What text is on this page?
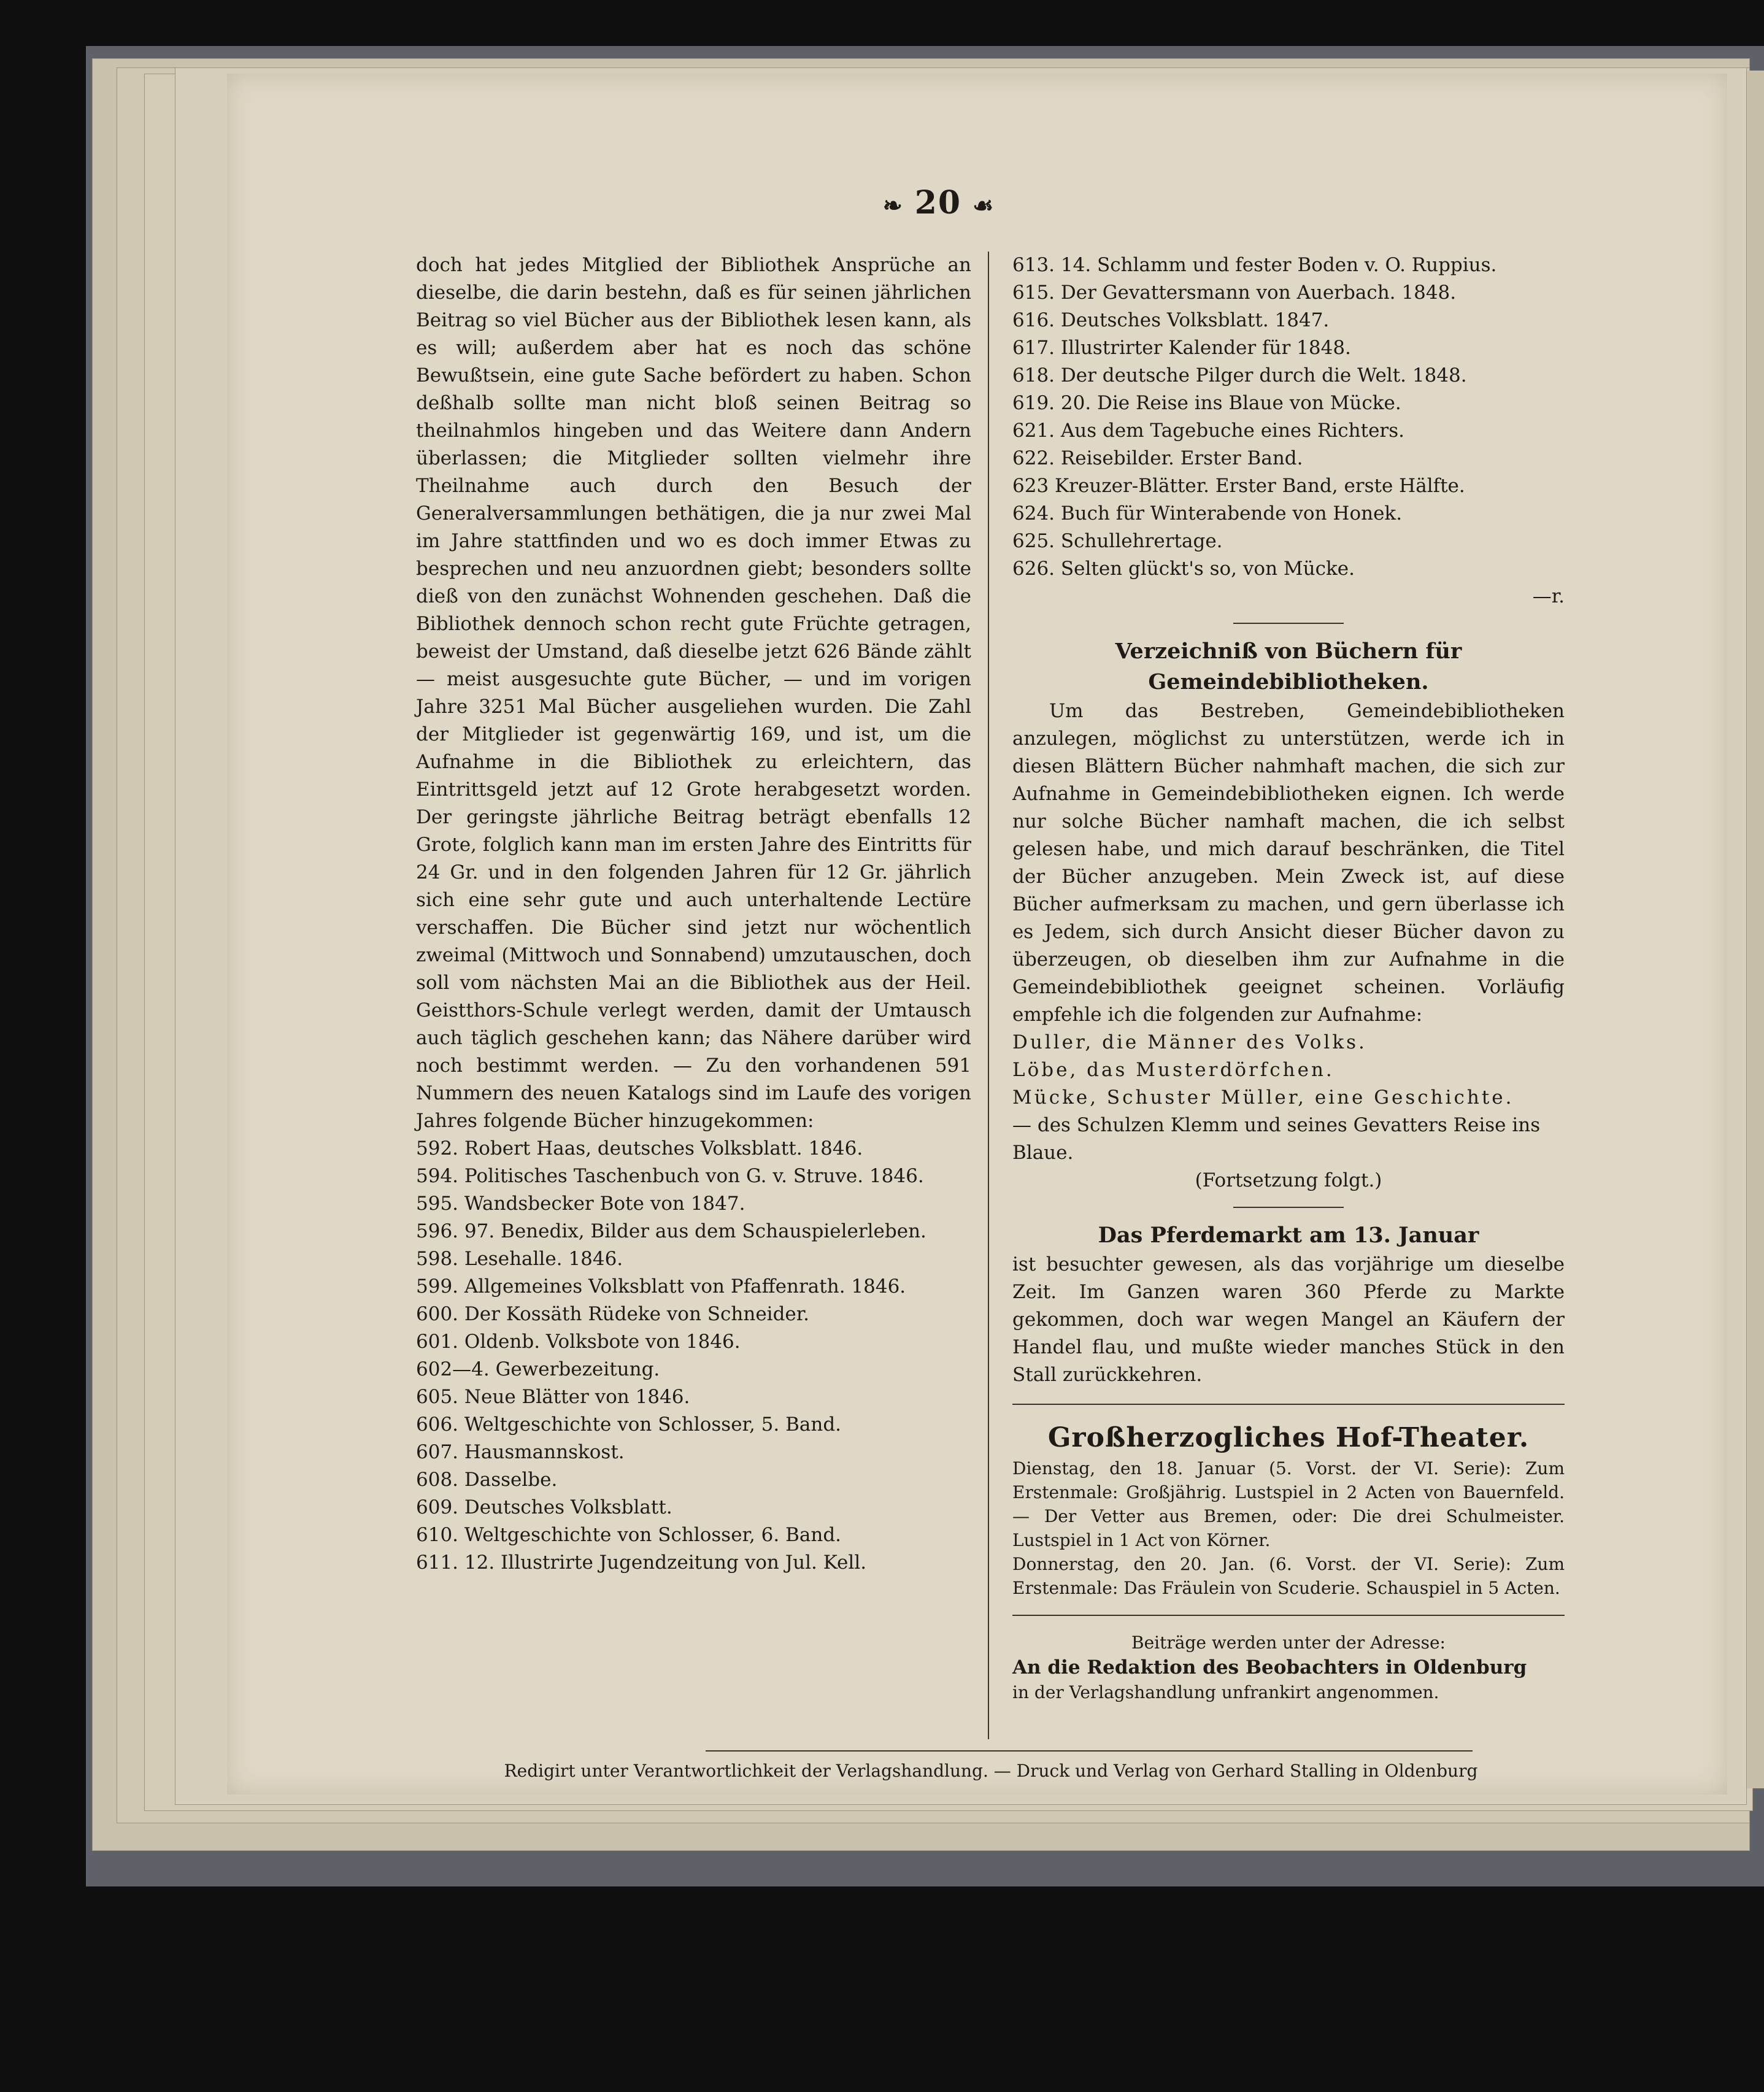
❧ 20 ☙

doch hat jedes Mitglied der Bibliothek Ansprüche an dieselbe, die darin bestehn, daß es für seinen jährlichen Beitrag so viel Bücher aus der Bibliothek lesen kann, als es will; außerdem aber hat es noch das schöne Bewußtsein, eine gute Sache befördert zu haben. Schon deßhalb sollte man nicht bloß seinen Beitrag so theilnahmlos hingeben und das Weitere dann Andern überlassen; die Mitglieder sollten vielmehr ihre Theilnahme auch durch den Besuch der Generalversammlungen bethätigen, die ja nur zwei Mal im Jahre stattfinden und wo es doch immer Etwas zu besprechen und neu anzuordnen giebt; besonders sollte dieß von den zunächst Wohnenden geschehen. Daß die Bibliothek dennoch schon recht gute Früchte getragen, beweist der Umstand, daß dieselbe jetzt 626 Bände zählt — meist ausgesuchte gute Bücher, — und im vorigen Jahre 3251 Mal Bücher ausgeliehen wurden. Die Zahl der Mitglieder ist gegenwärtig 169, und ist, um die Aufnahme in die Bibliothek zu erleichtern, das Eintrittsgeld jetzt auf 12 Grote herabgesetzt worden. Der geringste jährliche Beitrag beträgt ebenfalls 12 Grote, folglich kann man im ersten Jahre des Eintritts für 24 Gr. und in den folgenden Jahren für 12 Gr. jährlich sich eine sehr gute und auch unterhaltende Lectüre verschaffen. Die Bücher sind jetzt nur wöchentlich zweimal (Mittwoch und Sonnabend) umzutauschen, doch soll vom nächsten Mai an die Bibliothek aus der Heil. Geistthors-Schule verlegt werden, damit der Umtausch auch täglich geschehen kann; das Nähere darüber wird noch bestimmt werden. — Zu den vorhandenen 591 Nummern des neuen Katalogs sind im Laufe des vorigen Jahres folgende Bücher hinzugekommen:

592. Robert Haas, deutsches Volksblatt. 1846.
594. Politisches Taschenbuch von G. v. Struve. 1846.
595. Wandsbecker Bote von 1847.
596. 97. Benedix, Bilder aus dem Schauspielerleben.
598. Lesehalle. 1846.
599. Allgemeines Volksblatt von Pfaffenrath. 1846.
600. Der Kossäth Rüdeke von Schneider.
601. Oldenb. Volksbote von 1846.
602—4. Gewerbezeitung.
605. Neue Blätter von 1846.
606. Weltgeschichte von Schlosser, 5. Band.
607. Hausmannskost.
608. Dasselbe.
609. Deutsches Volksblatt.
610. Weltgeschichte von Schlosser, 6. Band.
611. 12. Illustrirte Jugendzeitung von Jul. Kell.
613. 14. Schlamm und fester Boden v. O. Ruppius.
615. Der Gevattersmann von Auerbach. 1848.
616. Deutsches Volksblatt. 1847.
617. Illustrirter Kalender für 1848.
618. Der deutsche Pilger durch die Welt. 1848.
619. 20. Die Reise ins Blaue von Mücke.
621. Aus dem Tagebuche eines Richters.
622. Reisebilder. Erster Band.
623 Kreuzer-Blätter. Erster Band, erste Hälfte.
624. Buch für Winterabende von Honek.
625. Schullehrertage.
626. Selten glückt's so, von Mücke.

—r.

Verzeichniß von Büchern für Gemeindebibliotheken.

Um das Bestreben, Gemeindebibliotheken anzulegen, möglichst zu unterstützen, werde ich in diesen Blättern Bücher nahmhaft machen, die sich zur Aufnahme in Gemeindebibliotheken eignen. Ich werde nur solche Bücher namhaft machen, die ich selbst gelesen habe, und mich darauf beschränken, die Titel der Bücher anzugeben. Mein Zweck ist, auf diese Bücher aufmerksam zu machen, und gern überlasse ich es Jedem, sich durch Ansicht dieser Bücher davon zu überzeugen, ob dieselben ihm zur Aufnahme in die Gemeindebibliothek geeignet scheinen. Vorläufig empfehle ich die folgenden zur Aufnahme:

Duller, die Männer des Volks.
Löbe, das Musterdörfchen.
Mücke, Schuster Müller, eine Geschichte.
— des Schulzen Klemm und seines Gevatters Reise ins Blaue.

(Fortsetzung folgt.)

Das Pferdemarkt am 13. Januar

ist besuchter gewesen, als das vorjährige um dieselbe Zeit. Im Ganzen waren 360 Pferde zu Markte gekommen, doch war wegen Mangel an Käufern der Handel flau, und mußte wieder manches Stück in den Stall zurückkehren.

Großherzogliches Hof-Theater.

Dienstag, den 18. Januar (5. Vorst. der VI. Serie): Zum Erstenmale: Großjährig. Lustspiel in 2 Acten von Bauernfeld. — Der Vetter aus Bremen, oder: Die drei Schulmeister. Lustspiel in 1 Act von Körner.

Donnerstag, den 20. Jan. (6. Vorst. der VI. Serie): Zum Erstenmale: Das Fräulein von Scuderie. Schauspiel in 5 Acten.

Beiträge werden unter der Adresse:

An die Redaktion des Beobachters in Oldenburg

in der Verlagshandlung unfrankirt angenommen.

Redigirt unter Verantwortlichkeit der Verlagshandlung. — Druck und Verlag von Gerhard Stalling in Oldenburg
